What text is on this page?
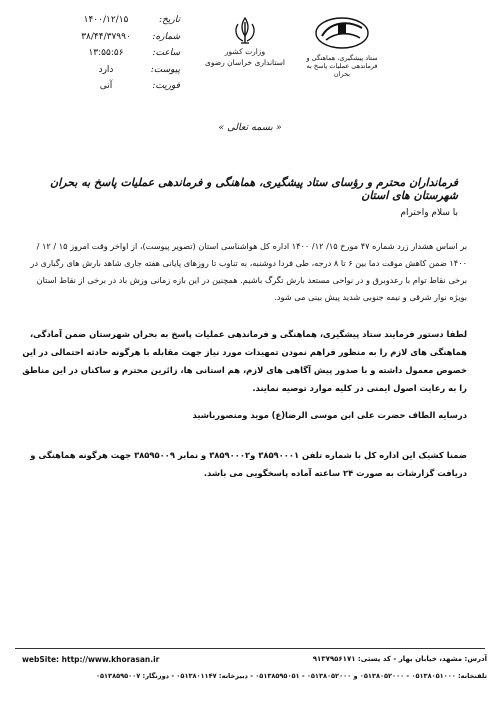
تاریخ:
۱۴۰۰/۱۲/۱۵
شماره:
۳۸/۴۴/۳۷۹۹۰
ساعت:
۱۳:۵۵:۵۶
پیوست:
دارد
فوریت:
آنی
وزارت کشور
استانداری خراسان رضوی	ستاد پیشگیری، هماهنگی و فرماندهی عملیات پاسخ به بحران
« بسمه تعالی »
فرمانداران محترم و رؤسای ستاد پیشگیری، هماهنگی و فرماندهی عملیات پاسخ به بحران شهرستان های استان
با سلام واحترام
بر اساس هشدار زرد شماره ۴۷ مورخ ۱۵/ ۱۲/ ۱۴۰۰ اداره کل هواشناسی استان (تصویر پیوست)، از اواخر وقت امروز ۱۵ / ۱۲ / ۱۴۰۰ ضمن کاهش موقت دما بین ۶ تا ۸ درجه، طی فردا دوشنبه، به تناوب تا روزهای پایانی هفته جاری شاهد بارش های رگباری در برخی نقاط توام با رعدوبرق و در نواحی مستعد بارش تگرگ باشیم. همچنین در این بازه زمانی وزش باد در برخی از نقاط استان بویژه نوار شرقی و نیمه جنوبی شدید پیش بینی می شود.
لطفا دستور فرمایند ستاد پیشگیری، هماهنگی و فرماندهی عملیات پاسخ به بحران شهرستان ضمن آمادگی، هماهنگی های لازم را به منظور فراهم نمودن تمهیدات مورد نیاز جهت مقابله با هرگونه حادثه احتمالی در این خصوص معمول داشته و با صدور پیش آگاهی های لازم، هم استانی ها، زائرین محترم و ساکنان در این مناطق را به رعایت اصول ایمنی در کلیه موارد توصیه نمایند.
درسایه الطاف حضرت علی ابن موسی الرضا(ع) موید ومنصورباشید
ضمنا کشیک این اداره کل با شماره تلفن ۳۸۵۹۰۰۰۱ و۳۸۵۹۰۰۰۲ و نمابر ۳۸۵۹۵۰۰۹ جهت هرگونه هماهنگی و دریافت گزارشات به صورت ۲۴ ساعته آماده پاسخگویی می باشد.
webSite: http://www.khorasan.ir	آدرس: مشهد، خیابان بهار - کد پستی: ۹۱۳۷۹۵۶۱۷۱
تلفنخانه: ۰۵۱۳۸۰۵۱۰۰۰ - ۰۵۱۳۸۰۵۲۰۰۰ و ۰۵۱۳۸۰۵۲۰۰۰ - ۰۵۱۳۸۵۹۵۰۵۱ - دبیرخانه: ۰۵۱۳۸۰۱۱۴۷ - دورنگار: ۰۵۱۳۸۵۹۵۰۰۷
